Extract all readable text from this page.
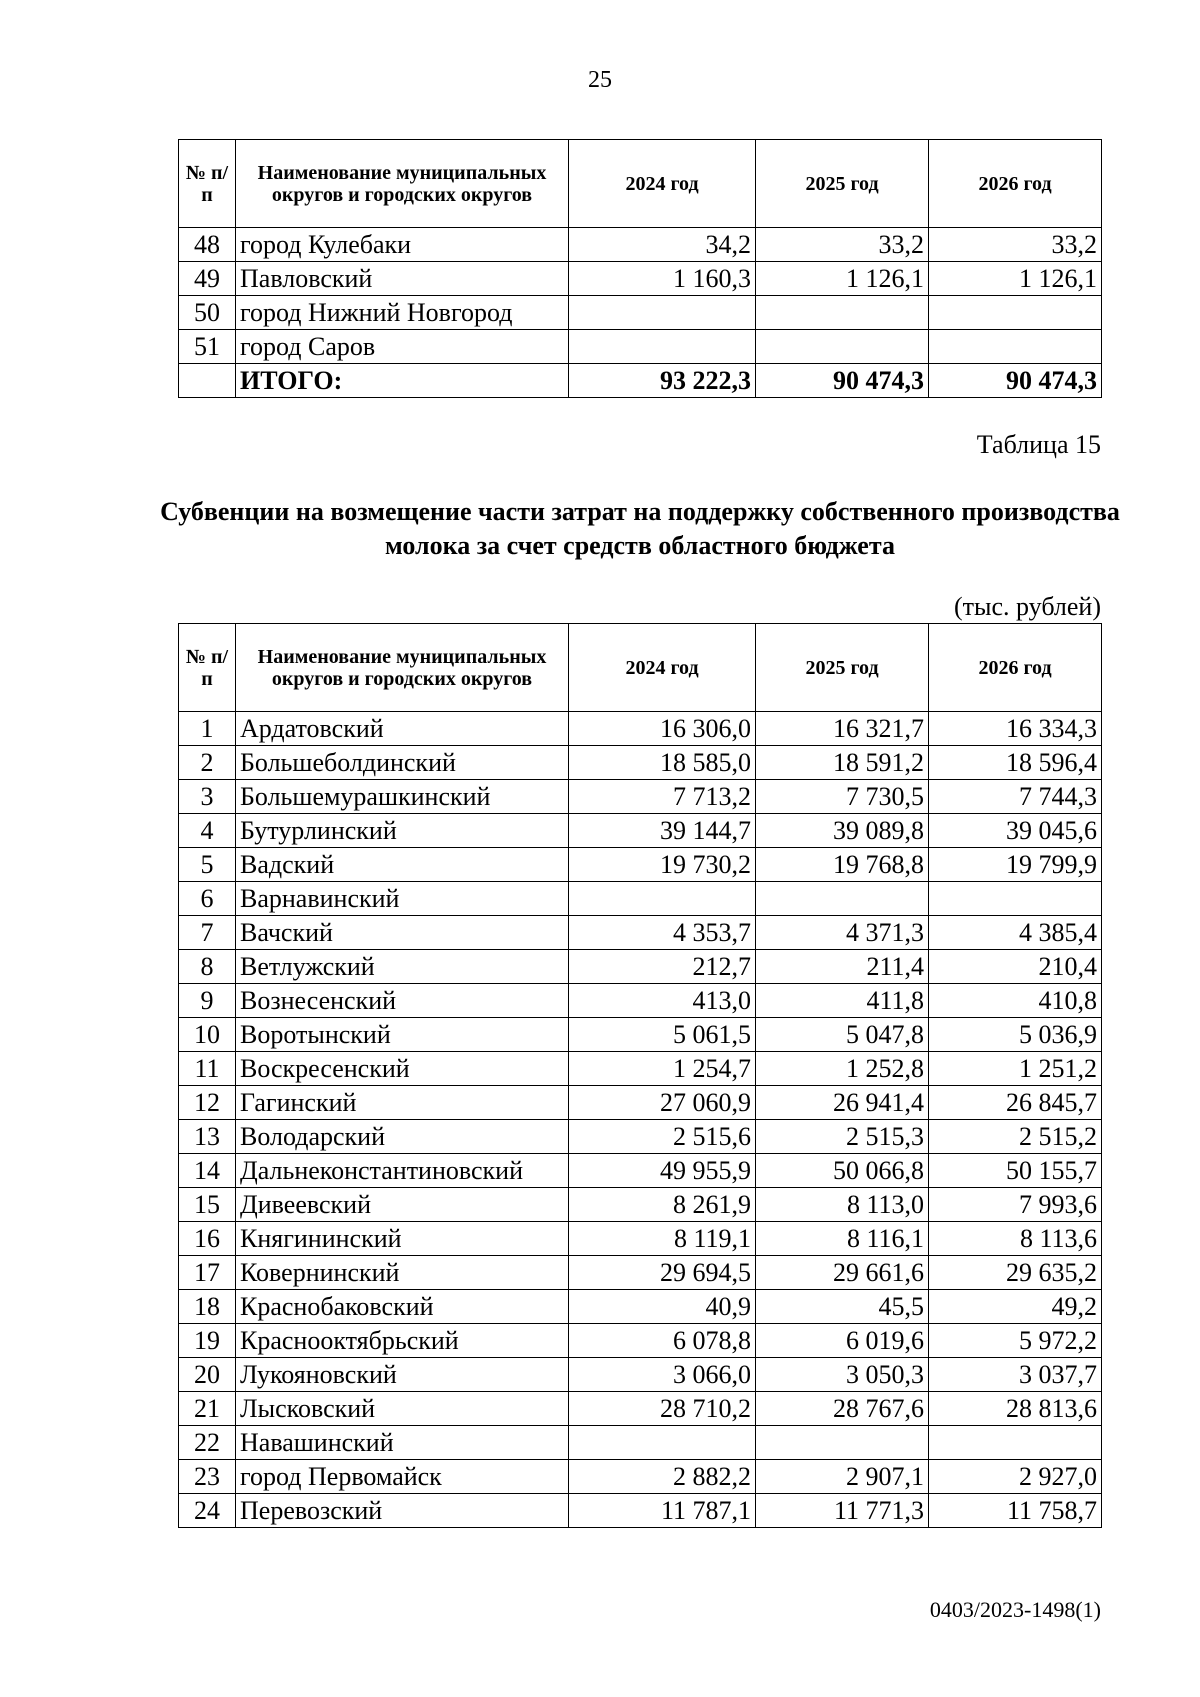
25
№ п/п	Наименование муниципальных округов и городских округов	2024 год	2025 год	2026 год
48	город Кулебаки	34,2	33,2	33,2
49	Павловский	1 160,3	1 126,1	1 126,1
50	город Нижний Новгород			
51	город Саров			
	ИТОГО:	93 222,3	90 474,3	90 474,3
Таблица 15
Субвенции на возмещение части затрат на поддержку собственного производства молока за счет средств областного бюджета
(тыс. рублей)
№ п/п	Наименование муниципальных округов и городских округов	2024 год	2025 год	2026 год
1	Ардатовский	16 306,0	16 321,7	16 334,3
2	Большеболдинский	18 585,0	18 591,2	18 596,4
3	Большемурашкинский	7 713,2	7 730,5	7 744,3
4	Бутурлинский	39 144,7	39 089,8	39 045,6
5	Вадский	19 730,2	19 768,8	19 799,9
6	Варнавинский			
7	Вачский	4 353,7	4 371,3	4 385,4
8	Ветлужский	212,7	211,4	210,4
9	Вознесенский	413,0	411,8	410,8
10	Воротынский	5 061,5	5 047,8	5 036,9
11	Воскресенский	1 254,7	1 252,8	1 251,2
12	Гагинский	27 060,9	26 941,4	26 845,7
13	Володарский	2 515,6	2 515,3	2 515,2
14	Дальнеконстантиновский	49 955,9	50 066,8	50 155,7
15	Дивеевский	8 261,9	8 113,0	7 993,6
16	Княгининский	8 119,1	8 116,1	8 113,6
17	Ковернинский	29 694,5	29 661,6	29 635,2
18	Краснобаковский	40,9	45,5	49,2
19	Краснооктябрьский	6 078,8	6 019,6	5 972,2
20	Лукояновский	3 066,0	3 050,3	3 037,7
21	Лысковский	28 710,2	28 767,6	28 813,6
22	Навашинский			
23	город Первомайск	2 882,2	2 907,1	2 927,0
24	Перевозский	11 787,1	11 771,3	11 758,7
0403/2023-1498(1)
